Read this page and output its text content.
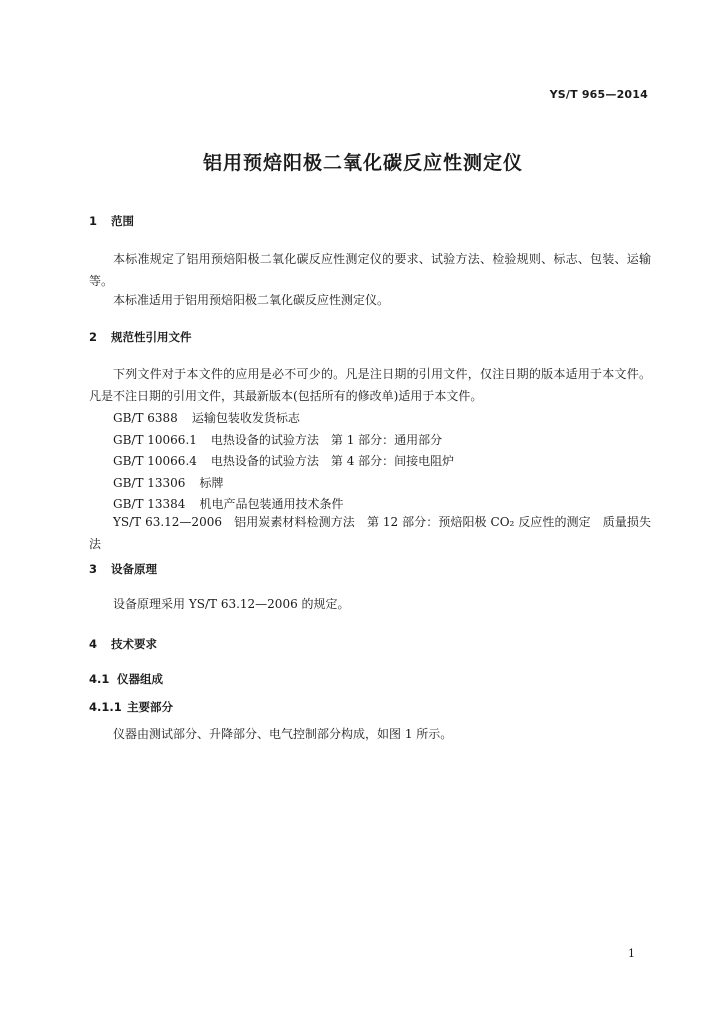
YS/T 965—2014
铝用预焙阳极二氧化碳反应性测定仪
1 范围
本标准规定了铝用预焙阳极二氧化碳反应性测定仪的要求、试验方法、检验规则、标志、包装、运输等。
本标准适用于铝用预焙阳极二氧化碳反应性测定仪。
2 规范性引用文件
下列文件对于本文件的应用是必不可少的。凡是注日期的引用文件，仅注日期的版本适用于本文件。凡是不注日期的引用文件，其最新版本(包括所有的修改单)适用于本文件。
GB/T 6388 运输包装收发货标志
GB/T 10066.1 电热设备的试验方法　第 1 部分：通用部分
GB/T 10066.4 电热设备的试验方法　第 4 部分：间接电阻炉
GB/T 13306 标牌
GB/T 13384 机电产品包装通用技术条件
YS/T 63.12—2006　铝用炭素材料检测方法　第 12 部分：预焙阳极 CO₂ 反应性的测定　质量损失法
3 设备原理
设备原理采用 YS/T 63.12—2006 的规定。
4 技术要求
4.1 仪器组成
4.1.1 主要部分
仪器由测试部分、升降部分、电气控制部分构成，如图 1 所示。
1
